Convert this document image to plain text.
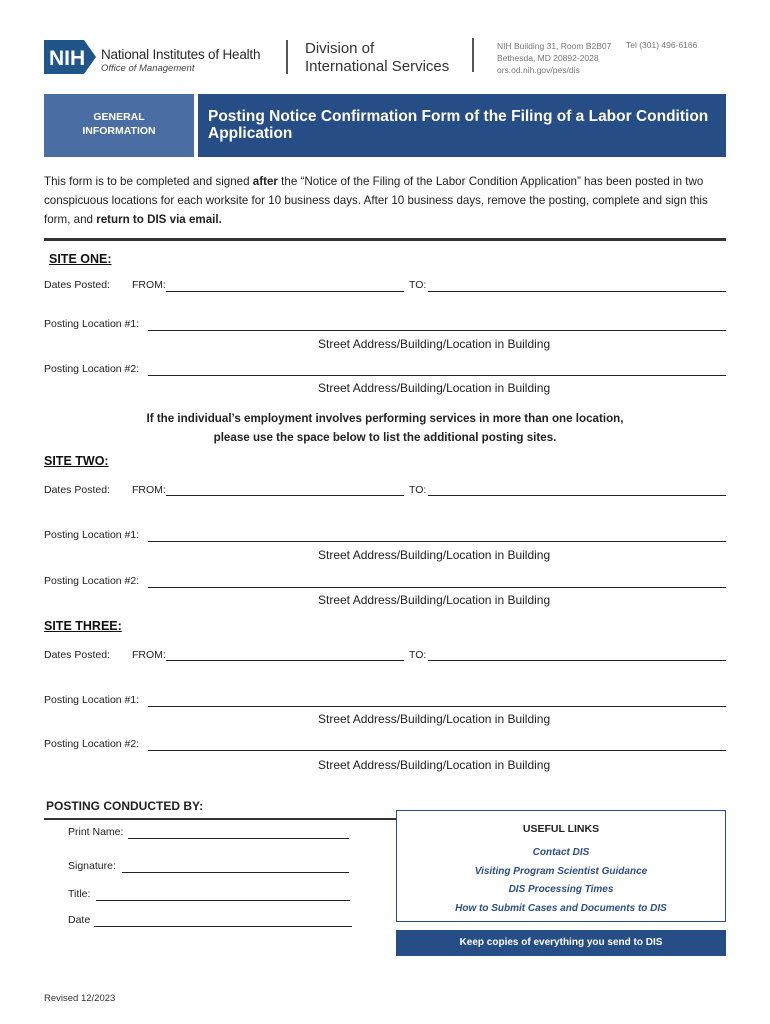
NIH National Institutes of Health
Office of Management
Division of
International Services
NIH Building 31, Room B2B07
Bethesda, MD 20892-2028
ors.od.nih.gov/pes/dis
Tel (301) 496-6166
GENERAL
INFORMATION
Posting Notice Confirmation Form of the Filing of a Labor Condition
Application
This form is to be completed and signed after the “Notice of the Filing of the Labor Condition Application” has been posted in two conspicuous locations for each worksite for 10 business days. After 10 business days, remove the posting, complete and sign this form, and return to DIS via email.
SITE ONE:
Dates Posted: FROM:	TO:
Posting Location #1:
Street Address/Building/Location in Building
Posting Location #2:
Street Address/Building/Location in Building
If the individual’s employment involves performing services in more than one location,
please use the space below to list the additional posting sites.
SITE TWO:
Dates Posted: FROM:	TO:
Posting Location #1:
Street Address/Building/Location in Building
Posting Location #2:
Street Address/Building/Location in Building
SITE THREE:
Dates Posted: FROM:	TO:
Posting Location #1:
Street Address/Building/Location in Building
Posting Location #2:
Street Address/Building/Location in Building
POSTING CONDUCTED BY:
Print Name:
Signature:
Title:
Date
USEFUL LINKS
Contact DIS
Visiting Program Scientist Guidance
DIS Processing Times
How to Submit Cases and Documents to DIS
Keep copies of everything you send to DIS
Revised 12/2023
